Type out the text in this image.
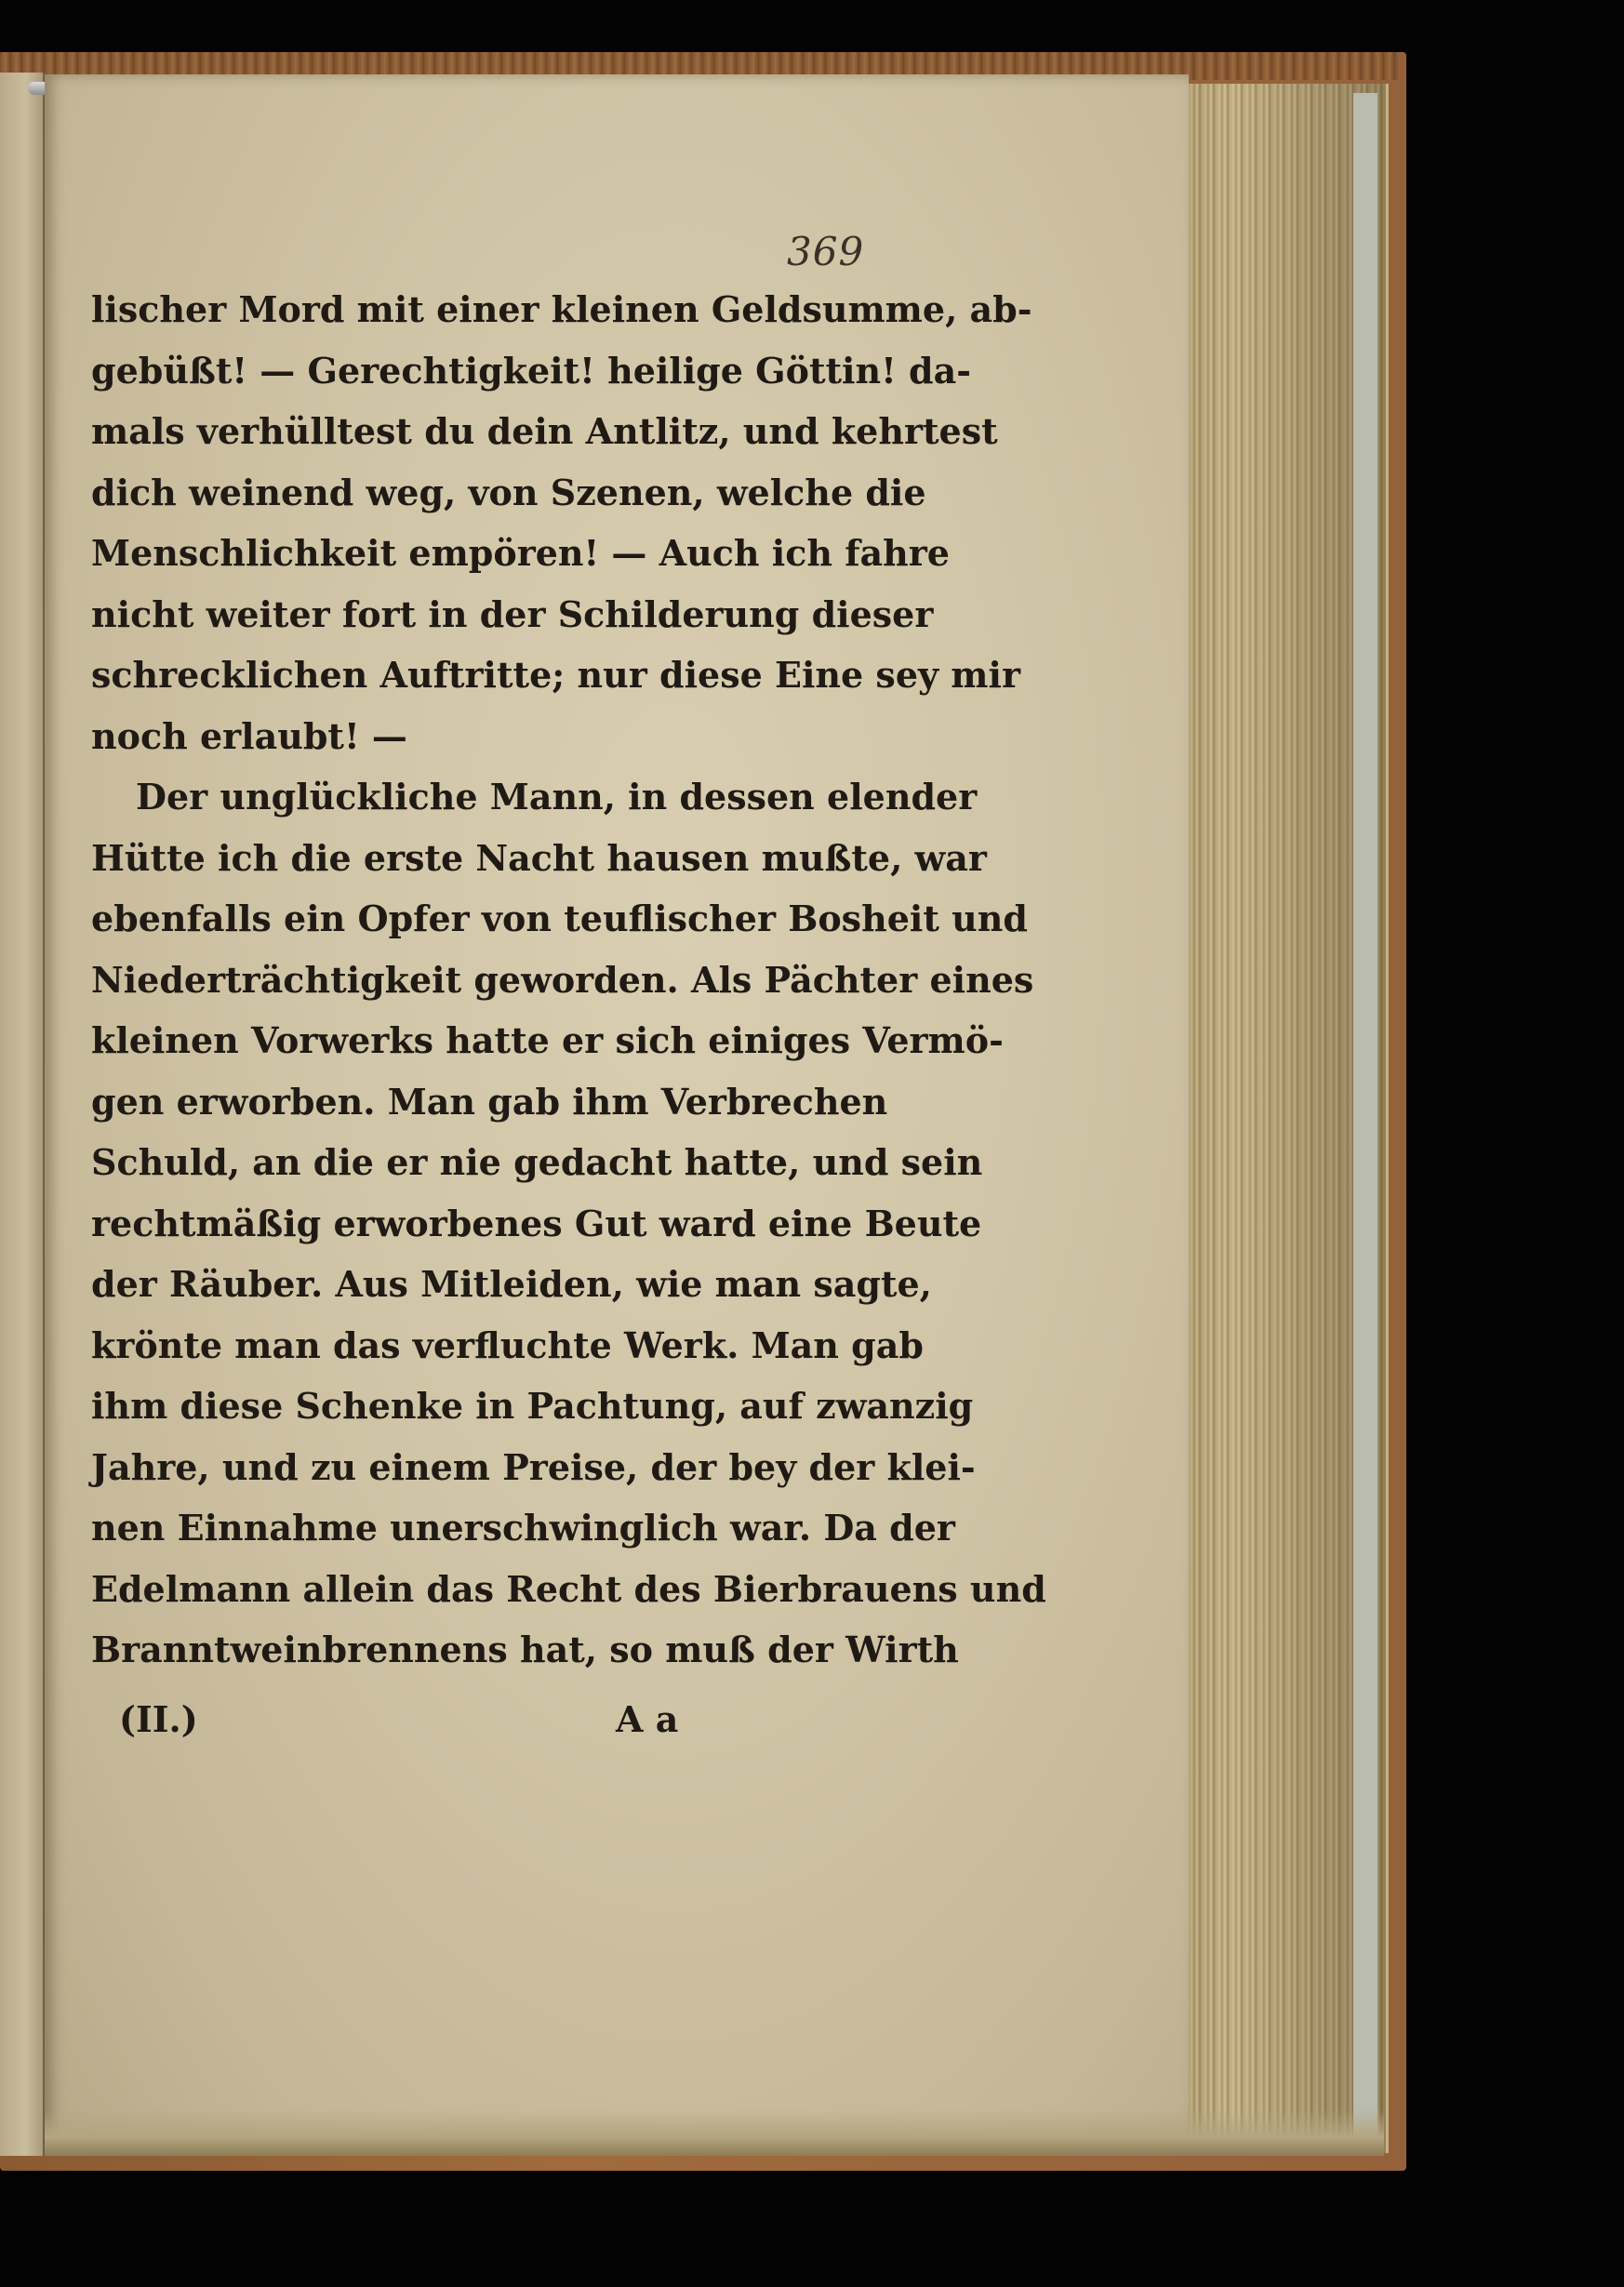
369
lischer Mord mit einer kleinen Geldsumme, ab-
gebüßt! — Gerechtigkeit! heilige Göttin! da-
mals verhülltest du dein Antlitz, und kehrtest
dich weinend weg, von Szenen, welche die
Menschlichkeit empören! — Auch ich fahre
nicht weiter fort in der Schilderung dieser
schrecklichen Auftritte; nur diese Eine sey mir
noch erlaubt! —
Der unglückliche Mann, in dessen elender
Hütte ich die erste Nacht hausen mußte, war
ebenfalls ein Opfer von teuflischer Bosheit und
Niederträchtigkeit geworden. Als Pächter eines
kleinen Vorwerks hatte er sich einiges Vermö-
gen erworben. Man gab ihm Verbrechen
Schuld, an die er nie gedacht hatte, und sein
rechtmäßig erworbenes Gut ward eine Beute
der Räuber. Aus Mitleiden, wie man sagte,
krönte man das verfluchte Werk. Man gab
ihm diese Schenke in Pachtung, auf zwanzig
Jahre, und zu einem Preise, der bey der klei-
nen Einnahme unerschwinglich war. Da der
Edelmann allein das Recht des Bierbrauens und
Branntweinbrennens hat, so muß der Wirth
(II.)	A a
